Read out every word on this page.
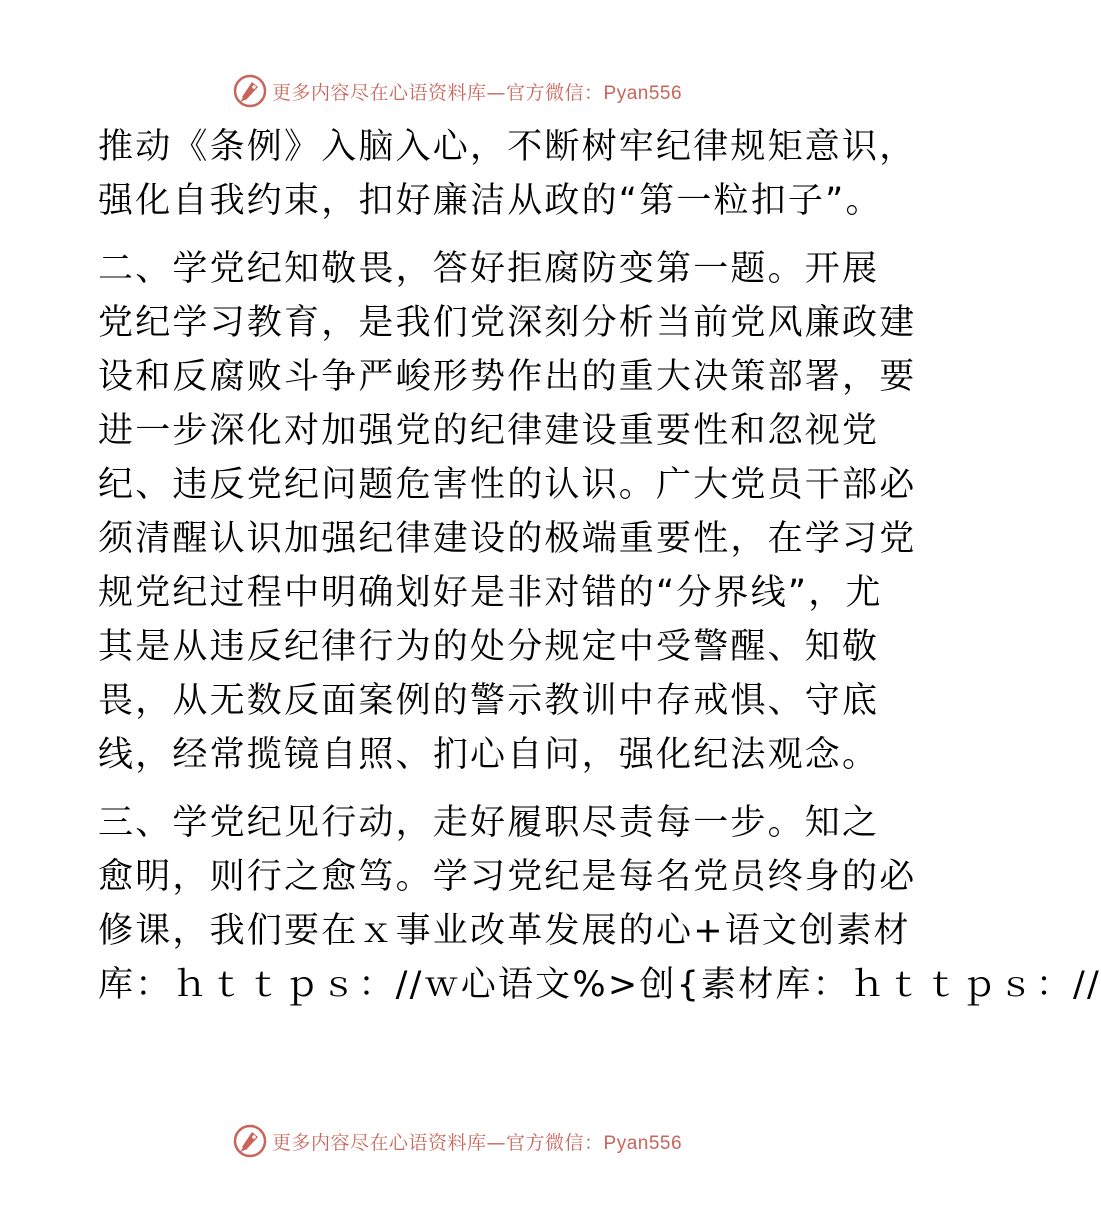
更多内容尽在心语资料库—官方微信：Pyan556
推动《条例》入脑入心，不断树牢纪律规矩意识，
强化自我约束，扣好廉洁从政的“第一粒扣子”。
二、学党纪知敬畏，答好拒腐防变第一题。开展
党纪学习教育，是我们党深刻分析当前党风廉政建
设和反腐败斗争严峻形势作出的重大决策部署，要
进一步深化对加强党的纪律建设重要性和忽视党
纪、违反党纪问题危害性的认识。广大党员干部必
须清醒认识加强纪律建设的极端重要性，在学习党
规党纪过程中明确划好是非对错的“分界线”，尤
其是从违反纪律行为的处分规定中受警醒、知敬
畏，从无数反面案例的警示教训中存戒惧、守底
线，经常揽镜自照、扪心自问，强化纪法观念。
三、学党纪见行动，走好履职尽责每一步。知之
愈明，则行之愈笃。学习党纪是每名党员终身的必
修课，我们要在ｘ事业改革发展的心+语文创素材
库：ｈｔｔｐｓ：//ｗ心语文%>创{素材库：ｈｔｔｐｓ：//
更多内容尽在心语资料库—官方微信：Pyan556
